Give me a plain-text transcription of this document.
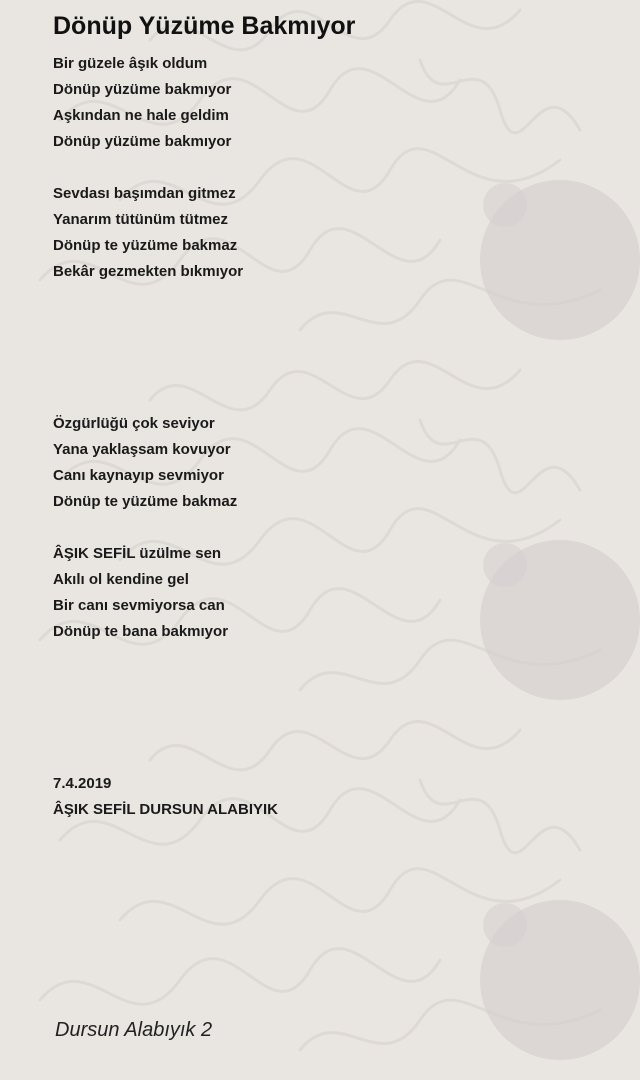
Dönüp Yüzüme Bakmıyor
Bir güzele âşık oldum
Dönüp yüzüme bakmıyor
Aşkından ne hale geldim
Dönüp yüzüme bakmıyor
Sevdası başımdan gitmez
Yanarım tütünüm tütmez
Dönüp te yüzüme bakmaz
Bekâr gezmekten bıkmıyor
Özgürlüğü çok seviyor
Yana yaklaşsam kovuyor
Canı kaynayıp sevmiyor
Dönüp te yüzüme bakmaz
ÂŞIK SEFİL üzülme sen
Akılı ol kendine gel
Bir canı sevmiyorsa can
Dönüp te bana bakmıyor
7.4.2019
ÂŞIK SEFİL DURSUN ALABIYIK

Dursun Alabıyık 2
